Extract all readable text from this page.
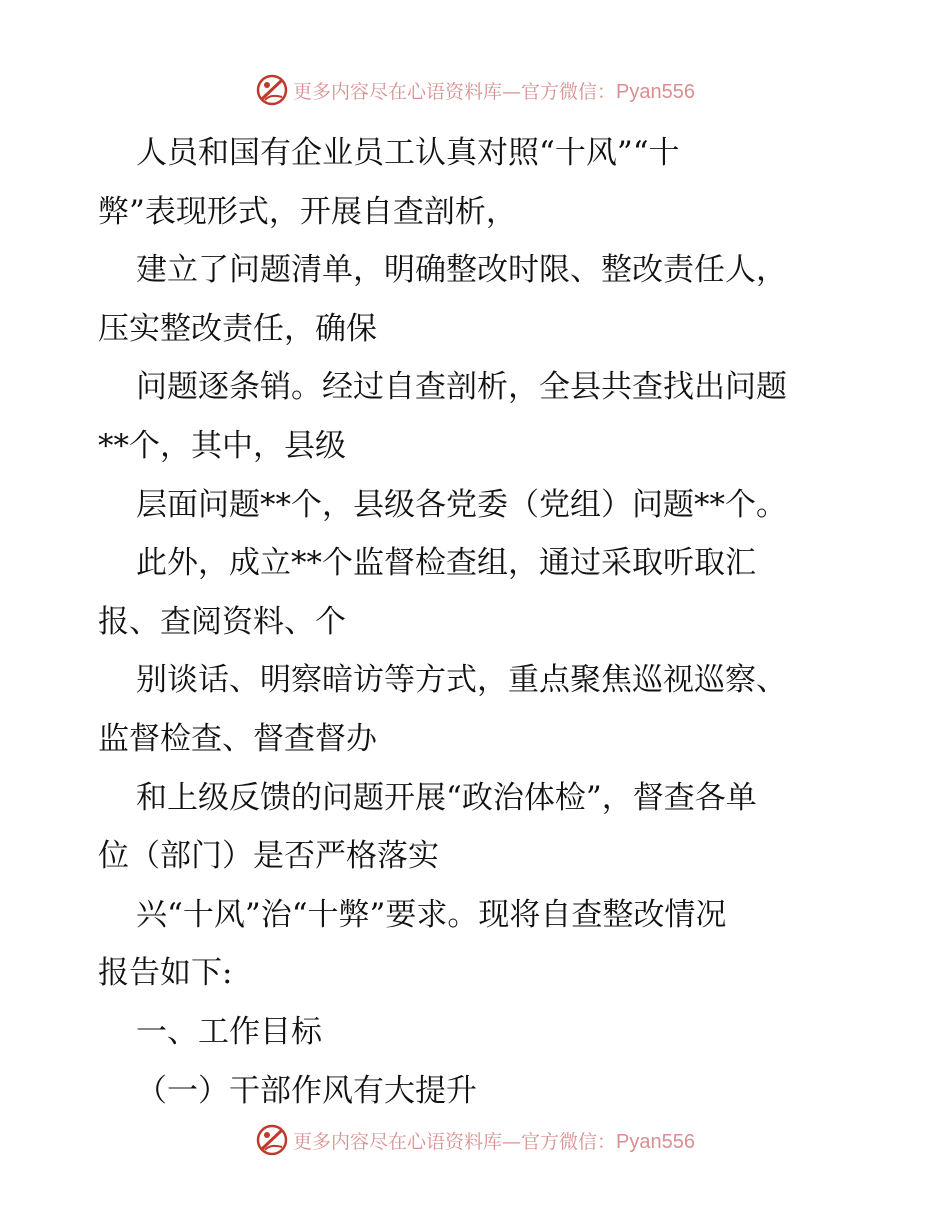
更多内容尽在心语资料库—官方微信：Pyan556
人员和国有企业员工认真对照“十风”“十
弊”表现形式，开展自查剖析，
建立了问题清单，明确整改时限、整改责任人，
压实整改责任，确保
问题逐条销。经过自查剖析，全县共查找出问题
**个，其中，县级
层面问题**个，县级各党委（党组）问题**个。
此外，成立**个监督检查组，通过采取听取汇
报、查阅资料、个
别谈话、明察暗访等方式，重点聚焦巡视巡察、
监督检查、督查督办
和上级反馈的问题开展“政治体检”，督查各单
位（部门）是否严格落实
兴“十风”治“十弊”要求。现将自查整改情况
报告如下:
一、工作目标
（一）干部作风有大提升
更多内容尽在心语资料库—官方微信：Pyan556
